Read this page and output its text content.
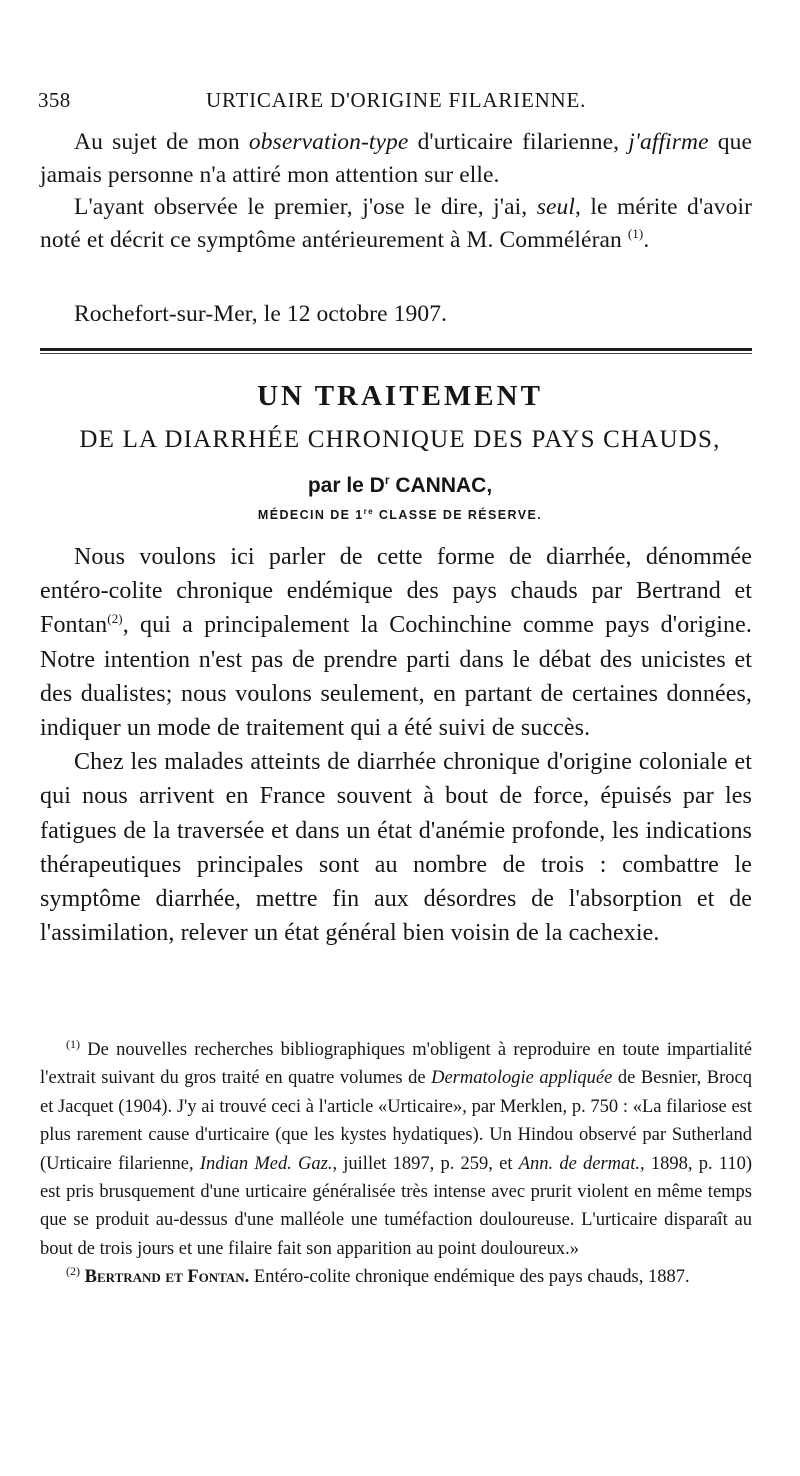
358	URTICAIRE D'ORIGINE FILARIENNE.

Au sujet de mon observation-type d'urticaire filarienne, j'affirme que jamais personne n'a attiré mon attention sur elle.

L'ayant observée le premier, j'ose le dire, j'ai, seul, le mérite d'avoir noté et décrit ce symptôme antérieurement à M. Comméléran $^{(1)}$.

Rochefort-sur-Mer, le 12 octobre 1907.
UN TRAITEMENT
DE LA DIARRHÉE CHRONIQUE DES PAYS CHAUDS,
par le $D^r$ CANNAC,
MÉDECIN DE 1re CLASSE DE RÉSERVE.

Nous voulons ici parler de cette forme de diarrhée, dénommée entéro-colite chronique endémique des pays chauds par Bertrand et Fontan$^{(2)}$, qui a principalement la Cochinchine comme pays d'origine. Notre intention n'est pas de prendre parti dans le débat des unicistes et des dualistes; nous voulons seulement, en partant de certaines données, indiquer un mode de traitement qui a été suivi de succès.

Chez les malades atteints de diarrhée chronique d'origine coloniale et qui nous arrivent en France souvent à bout de force, épuisés par les fatigues de la traversée et dans un état d'anémie profonde, les indications thérapeutiques principales sont au nombre de trois : combattre le symptôme diarrhée, mettre fin aux désordres de l'absorption et de l'assimilation, relever un état général bien voisin de la cachexie.

$^{(1)}$ De nouvelles recherches bibliographiques m'obligent à reproduire en toute impartialité l'extrait suivant du gros traité en quatre volumes de Dermatologie appliquée de Besnier, Brocq et Jacquet (1904). J'y ai trouvé ceci à l'article «Urticaire», par Merklen, p. 750 : «La filariose est plus rarement cause d'urticaire (que les kystes hydatiques). Un Hindou observé par Sutherland (Urticaire filarienne, Indian Med. Gaz., juillet 1897, p. 259, et Ann. de dermat., 1898, p. 110) est pris brusquement d'une urticaire généralisée très intense avec prurit violent en même temps que se produit au-dessus d'une malléole une tuméfaction douloureuse. L'urticaire disparaît au bout de trois jours et une filaire fait son apparition au point douloureux.»

$^{(2)}$ Bertrand et Fontan. Entéro-colite chronique endémique des pays chauds, 1887.
